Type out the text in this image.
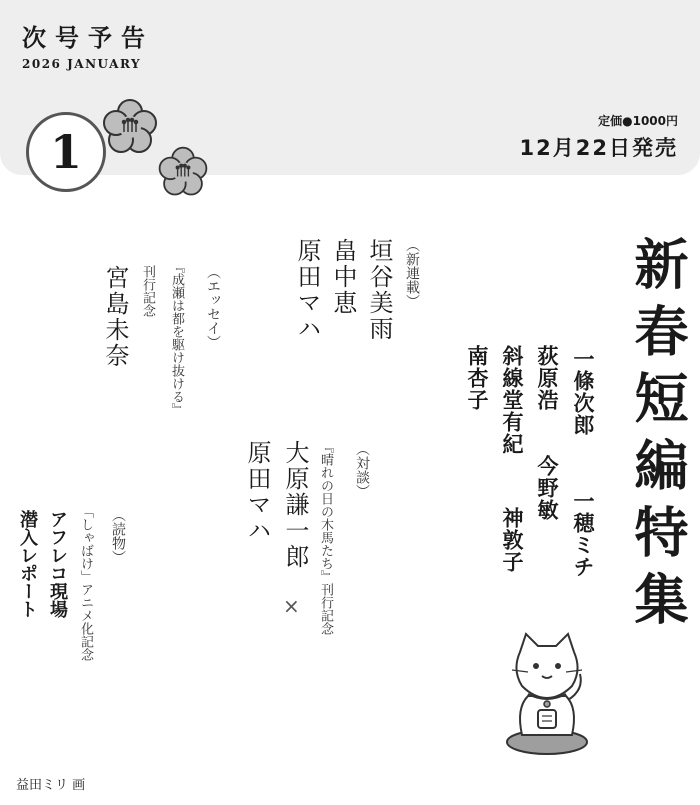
次号予告
2026 JANUARY
1
定価●1000円
12月22日発売
新春短編特集
一條次郎
一穂ミチ
荻原浩
今野敏
斜線堂有紀
神敦子
南杏子
︵新連載︶
垣谷美雨
畠中恵
原田マハ
︵対談︶
『晴れの日の木馬たち』刊行記念
大原謙一郎
×
原田マハ
︵エッセイ︶
『成瀬は都を駆け抜ける』
刊行記念
宮島未奈
︵読物︶
「しゃばけ」アニメ化記念
アフレコ現場
潜入レポート
益田ミリ 画
